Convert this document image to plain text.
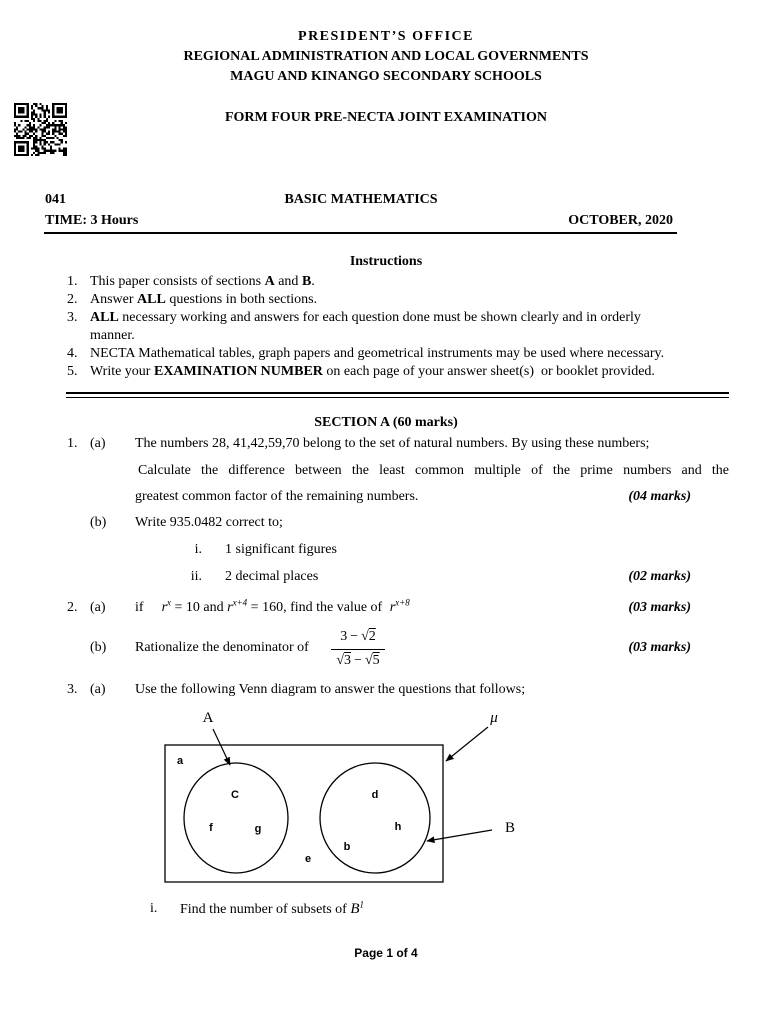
PRESIDENT’S OFFICE
REGIONAL ADMINISTRATION AND LOCAL GOVERNMENTS
MAGU AND KINANGO SECONDARY SCHOOLS
FORM FOUR PRE-NECTA JOINT EXAMINATION
041	BASIC MATHEMATICS
TIME: 3 Hours	OCTOBER, 2020
Instructions
1. This paper consists of sections A and B.
2. Answer ALL questions in both sections.
3. ALL necessary working and answers for each question done must be shown clearly and in orderly
manner.
4. NECTA Mathematical tables, graph papers and geometrical instruments may be used where necessary.
5. Write your EXAMINATION NUMBER on each page of your answer sheet(s)  or booklet provided.
SECTION A (60 marks)
1. (a) The numbers 28, 41,42,59,70 belong to the set of natural numbers. By using these numbers;
Calculate the difference between the least common multiple of the prime numbers and the
greatest common factor of the remaining numbers.	(04 marks)
(b) Write 935.0482 correct to;
i. 1 significant figures
ii. 2 decimal places	(02 marks)
2. (a) if $r^x = 10$ and $r^{x+4} = 160$, find the value of $r^{x+8}$	(03 marks)
(b) Rationalize the denominator of
3 − √2
√3 − √5
(03 marks)
3. (a) Use the following Venn diagram to answer the questions that follows;
A	μ
B
a
e
C
f	g
d
h
b
i. Find the number of subsets of $B^1$
Page 1 of 4
